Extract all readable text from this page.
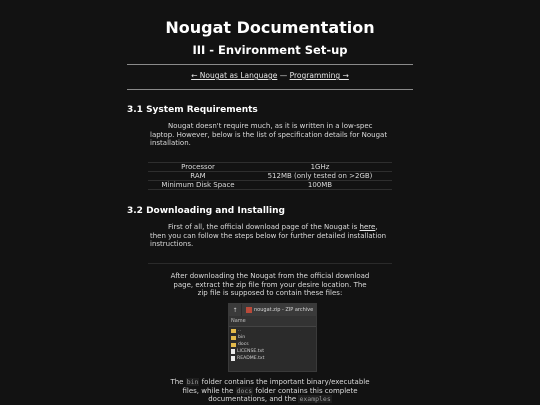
Nougat Documentation
III - Environment Set-up
← Nougat as Language — Programming →
3.1 System Requirements
Nougat doesn't require much, as it is written in a low-spec laptop. However, below is the list of specification details for Nougat installation.
Processor	1GHz
RAM	512MB (only tested on >2GB)
Minimum Disk Space	100MB
3.2 Downloading and Installing
First of all, the official download page of the Nougat is here, then you can follow the steps below for further detailed installation instructions.
After downloading the Nougat from the official download page, extract the zip file from your desire location. The zip file is supposed to contain these files:
↑	nougat.zip - ZIP archive
Name
..
bin
docs
LICENSE.txt
README.txt
The bin folder contains the important binary/executable files, while the docs folder contains this complete documentations, and the examples
